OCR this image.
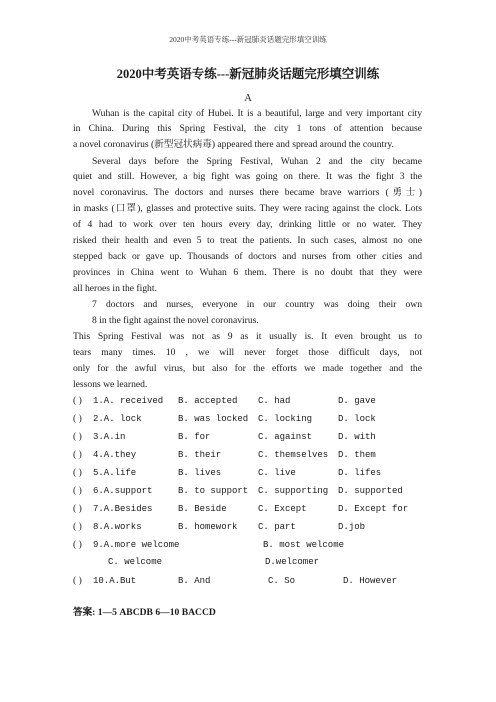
2020中考英语专练---新冠肺炎话题完形填空训练
2020中考英语专练---新冠肺炎话题完形填空训练
A
Wuhan is the capital city of Hubei. It is a beautiful, large and very important city
in China. During this Spring Festival, the city 1 tons of attention because
a novel coronavirus (新型冠状病毒) appeared there and spread around the country.
Several days before the Spring Festival, Wuhan 2 and the city became
quiet and still. However, a big fight was going on there. It was the fight 3 the
novel coronavirus. The doctors and nurses there became brave warriors (勇士)
in masks (口罩), glasses and protective suits. They were racing against the clock. Lots
of 4 had to work over ten hours every day, drinking little or no water. They
risked their health and even 5 to treat the patients. In such cases, almost no one
stepped back or gave up. Thousands of doctors and nurses from other cities and
provinces in China went to Wuhan 6 them. There is no doubt that they were
all heroes in the fight.
7 doctors and nurses, everyone in our country was doing their own
8 in the fight against the novel coronavirus.
This Spring Festival was not as 9 as it usually is. It even brought us to
tears many times. 10 , we will never forget those difficult days, not
only for the awful virus, but also for the efforts we made together and the
lessons we learned.
( ) 1.A. received B. accepted C. had	D. gave
( ) 2.A. lock	B. was locked C. locking	D. lock
( ) 3.A.in	B. for	C. against	D. with
( ) 4.A.they	B. their	C. themselves D. them
( ) 5.A.life	B. lives	C. live	D. lifes
( ) 6.A.support	B. to support C. supporting D. supported
( ) 7.A.Besides	B. Beside	C. Except	D. Except for
( ) 8.A.works	B. homework C. part	D.job
( ) 9.A.more welcome	B. most welcome
C. welcome	D.welcomer
( ) 10.A.But	B. And	C. So	D. However
答案: 1—5 ABCDB 6—10 BACCD
